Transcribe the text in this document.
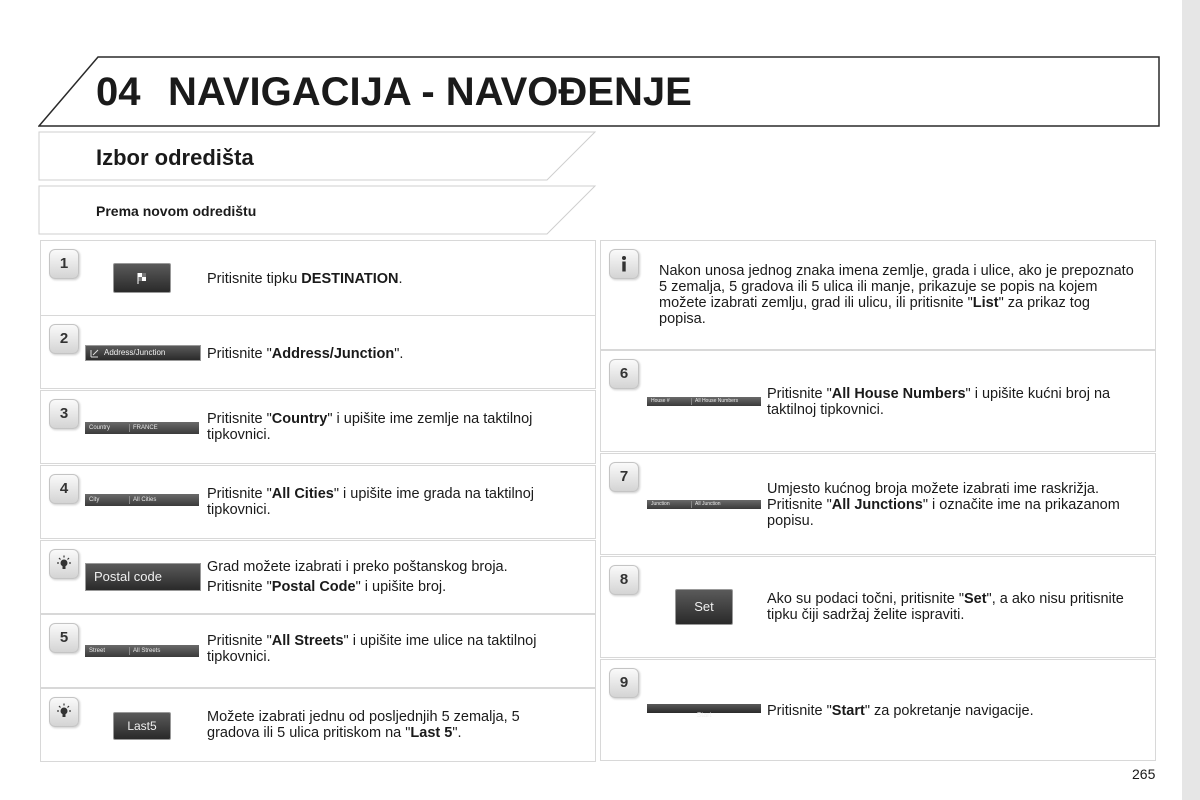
04 NAVIGACIJA - NAVOĐENJE
Izbor odredišta
Prema novom odredištu
1
Pritisnite tipku DESTINATION.
2
Address/Junction	Pritisnite "Address/Junction".
3
Country	FRANCE
Pritisnite "Country" i upišite ime zemlje na taktilnoj tipkovnici.
4
City	All Cities	Pritisnite "All Cities" i upišite ime grada na taktilnoj tipkovnici.
Postal code
Grad možete izabrati i preko poštanskog broja.
Pritisnite "Postal Code" i upišite broj.
5
Street	All Streets
Pritisnite "All Streets" i upišite ime ulice na taktilnoj tipkovnici.
Last5
Možete izabrati jednu od posljednjih 5 zemalja, 5 gradova ili 5 ulica pritiskom na "Last 5".
Nakon unosa jednog znaka imena zemlje, grada i ulice, ako je prepoznato 5 zemalja, 5 gradova ili 5 ulica ili manje, prikazuje se popis na kojem možete izabrati zemlju, grad ili ulicu, ili pritisnite "List" za prikaz tog popisa.
6
House #	All House Numbers Pritisnite "All House Numbers" i upišite kućni broj na taktilnoj tipkovnici.
7
Junction	All Junction
Umjesto kućnog broja možete izabrati ime raskrižja. Pritisnite "All Junctions" i označite ime na prikazanom popisu.
8
Set	Ako su podaci točni, pritisnite "Set", a ako nisu pritisnite tipku čiji sadržaj želite ispraviti.
9
Start	Pritisnite "Start" za pokretanje navigacije.
265
